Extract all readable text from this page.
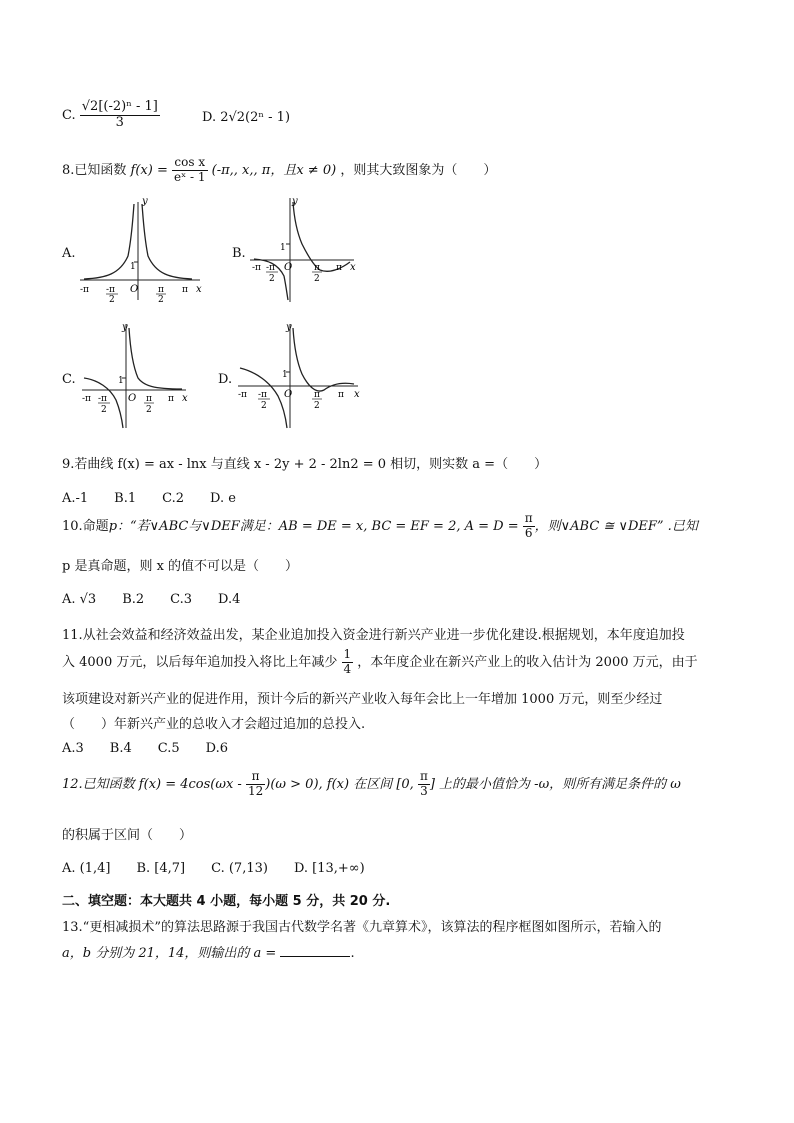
C. $\frac{\text{√2[(-2)ⁿ - 1]}}{3}$	D. 2√2(2ⁿ - 1)
8.已知函数 $f(x) = \frac{\text{cos x}}{\text{eˣ - 1}} (-\pi$,, x,, π，且x ≠ 0) ，则其大致图象为（　　）
A.	B.
C.	D.
1
y
x
O
-π	π
-π
2
π
2
1
y
x
O
-π	π
-π
2
π
2
1
y
x
O
-π	π
-π
2
π
2
1
y
x
O
-π	π
-π
2
π
2
9.若曲线 f(x) = ax - lnx 与直线 x - 2y + 2 - 2ln2 = 0 相切，则实数 a =（　　）
A.-1　　B.1　　C.2　　D. e
10.命题p：“若∨ABC与∨DEF满足：AB = DE = x, BC = EF = 2, $A = D = \frac{\pi}{6}$ ，则∨ABC ≅ ∨DEF” .已知
p 是真命题，则 x 的值不可以是（　　）
A. √3　　B.2　　C.3　　D.4
11.从社会效益和经济效益出发，某企业追加投入资金进行新兴产业进一步优化建设.根据规划，本年度追加投
入 4000 万元，以后每年追加投入将比上年减少 $\frac{1}{4}$ ，本年度企业在新兴产业上的收入估计为 2000 万元，由于
该项建设对新兴产业的促进作用，预计今后的新兴产业收入每年会比上一年增加 1000 万元，则至少经过
（　　）年新兴产业的总收入才会超过追加的总投入.
A.3　　B.4　　C.5　　D.6
12.已知函数 $f(x) = 4\cos(\omega x - \frac{\pi}{12} )(\omega > 0)$, f(x) 在区间 [0, $\frac{\pi}{3}$ ] 上的最小值恰为 -ω，则所有满足条件的 ω
的积属于区间（　　）
A. (1,4]　　B. [4,7]　　C. (7,13)　　D. [13,+∞)
二、填空题：本大题共 4 小题，每小题 5 分，共 20 分.
13.“更相减损术”的算法思路源于我国古代数学名著《九章算术》，该算法的程序框图如图所示，若输入的
a，b 分别为 21，14，则输出的 a =	.
